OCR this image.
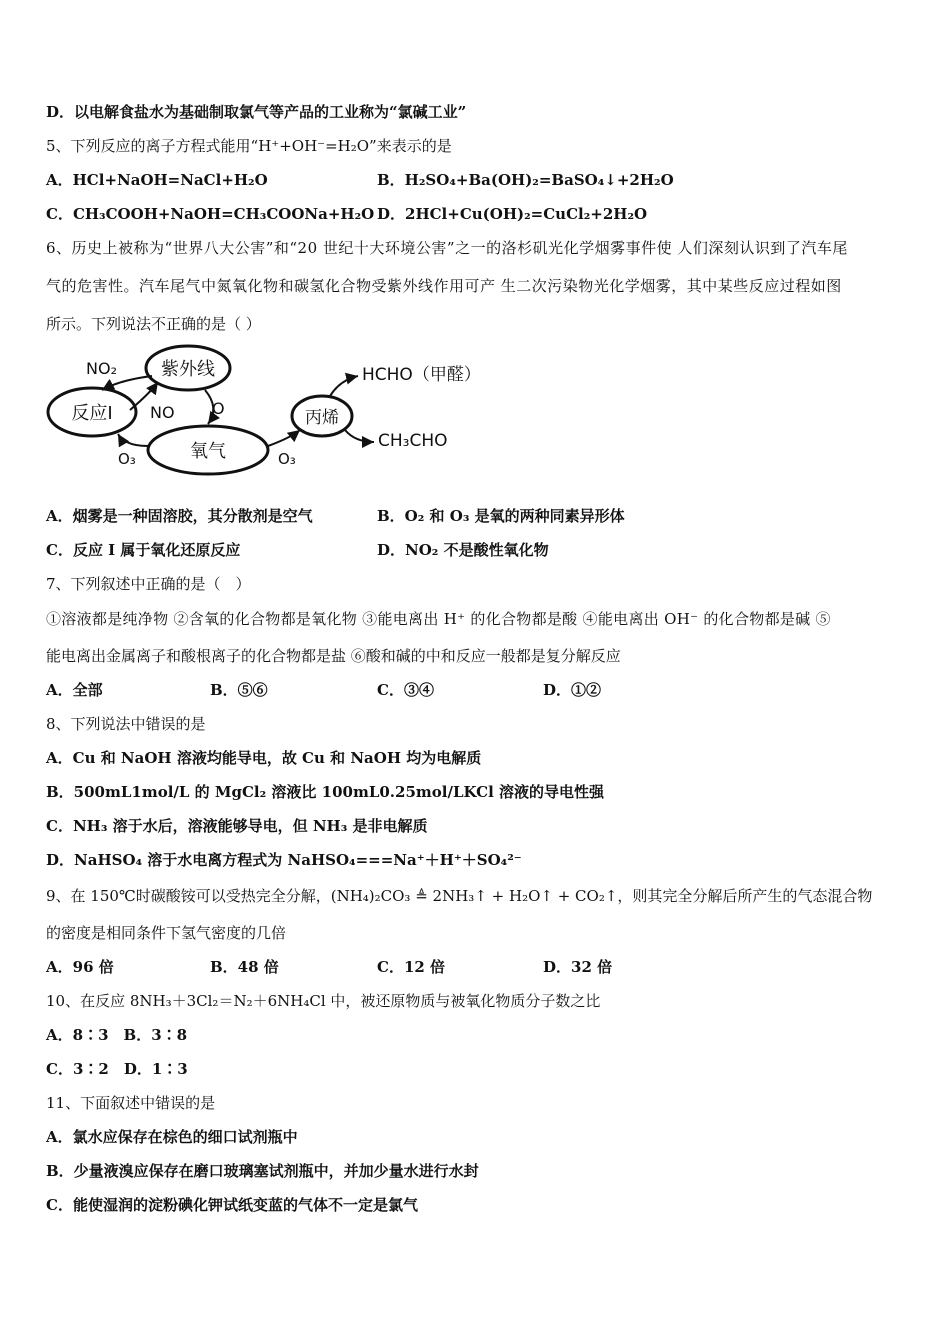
D．以电解食盐水为基础制取氯气等产品的工业称为“氯碱工业”
5、下列反应的离子方程式能用“H⁺+OH⁻=H₂O”来表示的是
A．HCl+NaOH=NaCl+H₂O	B．H₂SO₄+Ba(OH)₂=BaSO₄↓+2H₂O
C．CH₃COOH+NaOH=CH₃COONa+H₂O D．2HCl+Cu(OH)₂=CuCl₂+2H₂O
6、历史上被称为“世界八大公害”和“20 世纪十大环境公害”之一的洛杉矶光化学烟雾事件使 人们深刻认识到了汽车尾
气的危害性。汽车尾气中氮氧化物和碳氢化合物受紫外线作用可产 生二次污染物光化学烟雾，其中某些反应过程如图
所示。下列说法不正确的是（ ）
紫外线
反应I
氧气
丙烯
NO₂
NO O
O₃	O₃
HCHO（甲醛）
CH₃CHO
A．烟雾是一种固溶胶，其分散剂是空气	B．O₂ 和 O₃ 是氧的两种同素异形体
C．反应 I 属于氧化还原反应	D．NO₂ 不是酸性氧化物
7、下列叙述中正确的是（　）
①溶液都是纯净物 ②含氧的化合物都是氧化物 ③能电离出 H⁺ 的化合物都是酸 ④能电离出 OH⁻ 的化合物都是碱 ⑤
能电离出金属离子和酸根离子的化合物都是盐 ⑥酸和碱的中和反应一般都是复分解反应
A．全部	B．⑤⑥	C．③④	D．①②
8、下列说法中错误的是
A．Cu 和 NaOH 溶液均能导电，故 Cu 和 NaOH 均为电解质
B．500mL1mol/L 的 MgCl₂ 溶液比 100mL0.25mol/LKCl 溶液的导电性强
C．NH₃ 溶于水后，溶液能够导电，但 NH₃ 是非电解质
D．NaHSO₄ 溶于水电离方程式为 NaHSO₄===Na⁺＋H⁺＋SO₄²⁻
9、在 150℃时碳酸铵可以受热完全分解，(NH₄)₂CO₃ ≜ 2NH₃↑ + H₂O↑ + CO₂↑，则其完全分解后所产生的气态混合物
的密度是相同条件下氢气密度的几倍
A．96 倍	B．48 倍	C．12 倍	D．32 倍
10、在反应 8NH₃＋3Cl₂＝N₂＋6NH₄Cl 中，被还原物质与被氧化物质分子数之比
A．8∶3　B．3∶8
C．3∶2　D．1∶3
11、下面叙述中错误的是
A．氯水应保存在棕色的细口试剂瓶中
B．少量液溴应保存在磨口玻璃塞试剂瓶中，并加少量水进行水封
C．能使湿润的淀粉碘化钾试纸变蓝的气体不一定是氯气
